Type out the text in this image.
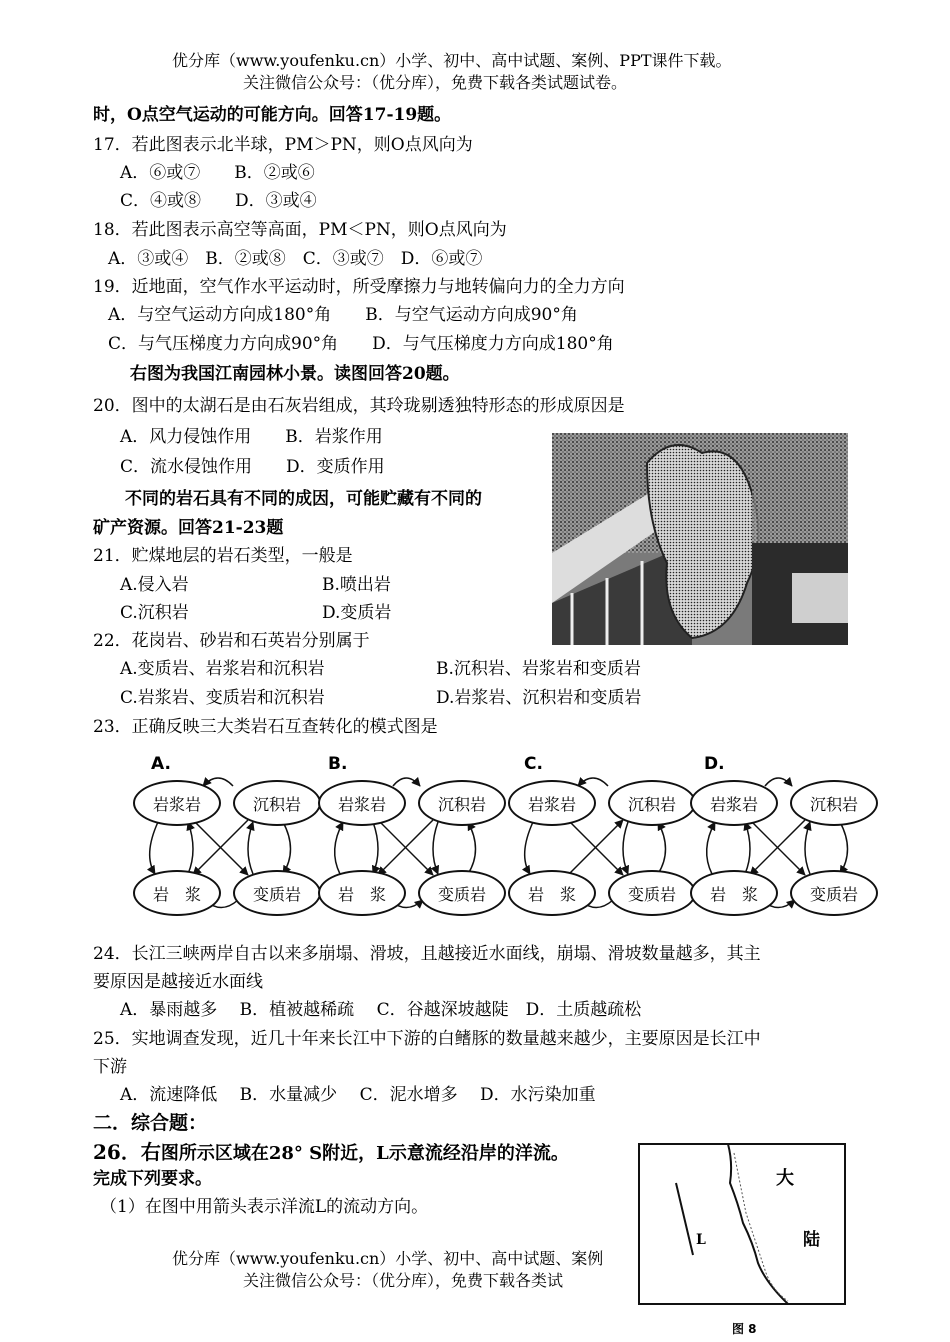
优分库（www.youfenku.cn）小学、初中、高中试题、案例、PPT课件下载。
关注微信公众号：（优分库），免费下载各类试题试卷。
时，O点空气运动的可能方向。回答17-19题。
17．若此图表示北半球，PM＞PN，则O点风向为
A．⑥或⑦　　B．②或⑥
C．④或⑧　　D．③或④
18．若此图表示高空等高面，PM＜PN，则O点风向为
A．③或④　B．②或⑧　C．③或⑦　D．⑥或⑦
19．近地面，空气作水平运动时，所受摩擦力与地转偏向力的全力方向
A．与空气运动方向成180°角　　B．与空气运动方向成90°角
C．与气压梯度力方向成90°角　　D．与气压梯度力方向成180°角
右图为我国江南园林小景。读图回答20题。
20．图中的太湖石是由石灰岩组成，其玲珑剔透独特形态的形成原因是
A．风力侵蚀作用　　B．岩浆作用
C．流水侵蚀作用　　D．变质作用
不同的岩石具有不同的成因，可能贮藏有不同的
矿产资源。回答21-23题
21．贮煤地层的岩石类型，一般是
A.侵入岩	B.喷出岩
C.沉积岩	D.变质岩
22．花岗岩、砂岩和石英岩分别属于
A.变质岩、岩浆岩和沉积岩	B.沉积岩、岩浆岩和变质岩
C.岩浆岩、变质岩和沉积岩	D.岩浆岩、沉积岩和变质岩
23．正确反映三大类岩石互查转化的模式图是
A.
岩浆岩	沉积岩
岩　浆	变质岩
B.
岩浆岩	沉积岩
岩　浆	变质岩
C.
岩浆岩	沉积岩
岩　浆	变质岩
D.
岩浆岩	沉积岩
岩　浆	变质岩
24．长江三峡两岸自古以来多崩塌、滑坡，且越接近水面线，崩塌、滑坡数量越多，其主
要原因是越接近水面线
A．暴雨越多　 B．植被越稀疏　 C．谷越深坡越陡　D．土质越疏松
25．实地调查发现，近几十年来长江中下游的白鳍豚的数量越来越少，主要原因是长江中
下游
A．流速降低　 B．水量减少　 C．泥水增多　 D．水污染加重
二．综合题：
26．右图所示区域在28° S附近，L示意流经沿岸的洋流。
完成下列要求。
（1）在图中用箭头表示洋流L的流动方向。
大
陆
L
图 8
优分库（www.youfenku.cn）小学、初中、高中试题、案例
关注微信公众号：（优分库），免费下载各类试
